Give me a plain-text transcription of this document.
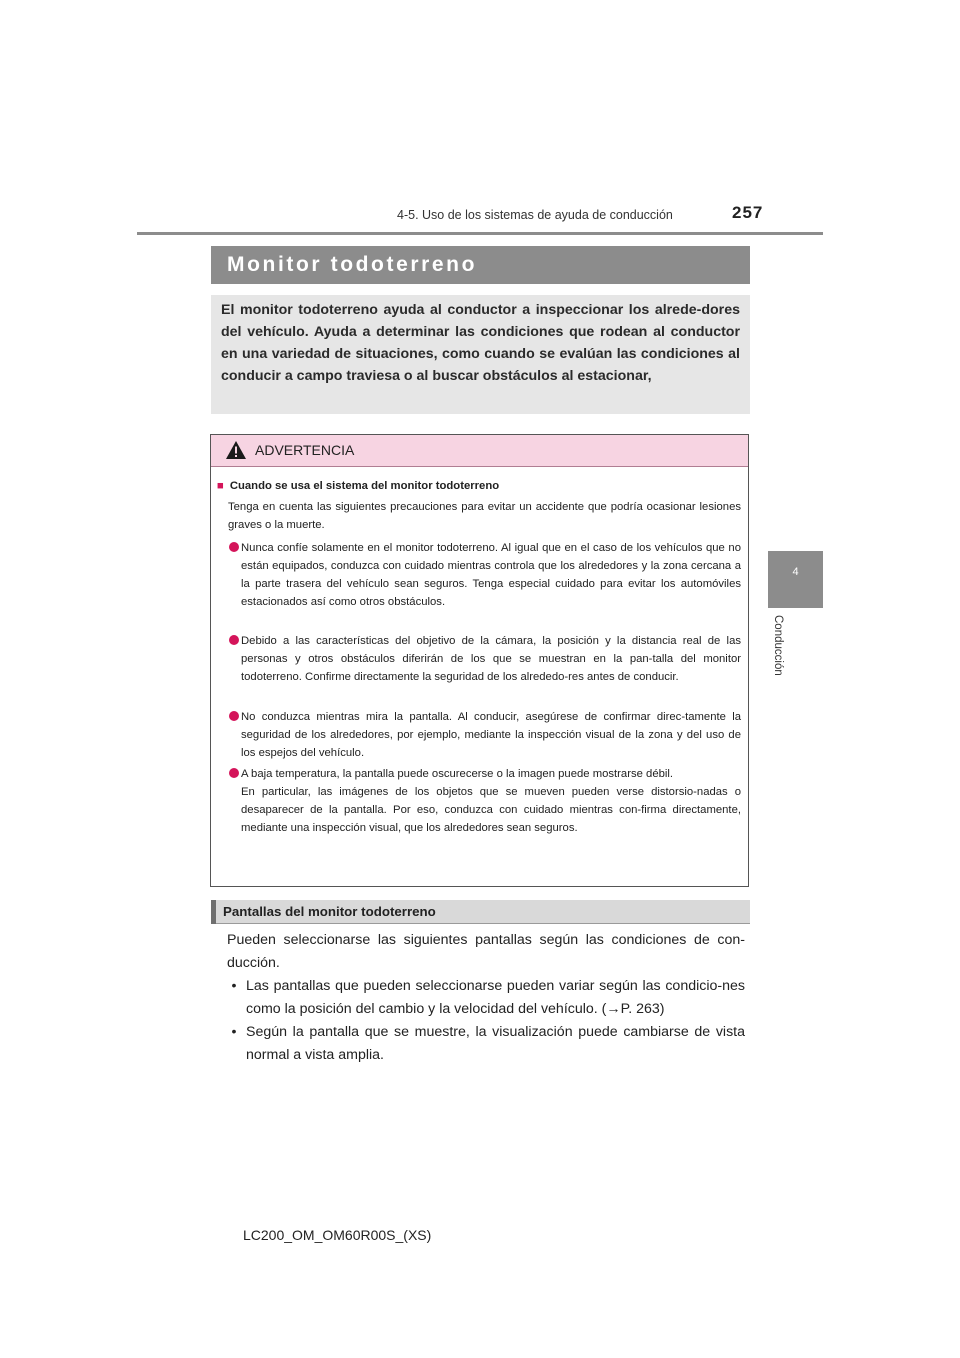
257
4-5. Uso de los sistemas de ayuda de conducción
4
Conducción
Monitor todoterreno
El monitor todoterreno ayuda al conductor a inspeccionar los alrede-dores del vehículo. Ayuda a determinar las condiciones que rodean al conductor en una variedad de situaciones, como cuando se evalúan las condiciones al conducir a campo traviesa o al buscar obstáculos al estacionar,
ADVERTENCIA
■ Cuando se usa el sistema del monitor todoterreno
Tenga en cuenta las siguientes precauciones para evitar un accidente que podría ocasionar lesiones graves o la muerte.
Nunca confíe solamente en el monitor todoterreno. Al igual que en el caso de los vehículos que no están equipados, conduzca con cuidado mientras controla que los alrededores y la zona cercana a la parte trasera del vehículo sean seguros. Tenga especial cuidado para evitar los automóviles estacionados así como otros obstáculos.
Debido a las características del objetivo de la cámara, la posición y la distancia real de las personas y otros obstáculos diferirán de los que se muestran en la pan-talla del monitor todoterreno. Confirme directamente la seguridad de los alrededo-res antes de conducir.
No conduzca mientras mira la pantalla. Al conducir, asegúrese de confirmar direc-tamente la seguridad de los alrededores, por ejemplo, mediante la inspección visual de la zona y del uso de los espejos del vehículo.
A baja temperatura, la pantalla puede oscurecerse o la imagen puede mostrarse débil.
En particular, las imágenes de los objetos que se mueven pueden verse distorsio-nadas o desaparecer de la pantalla. Por eso, conduzca con cuidado mientras con-firma directamente, mediante una inspección visual, que los alrededores sean seguros.
Pantallas del monitor todoterreno
Pueden seleccionarse las siguientes pantallas según las condiciones de con-ducción.
• Las pantallas que pueden seleccionarse pueden variar según las condicio-nes como la posición del cambio y la velocidad del vehículo. (→P. 263)
• Según la pantalla que se muestre, la visualización puede cambiarse de vista normal a vista amplia.
LC200_OM_OM60R00S_(XS)
